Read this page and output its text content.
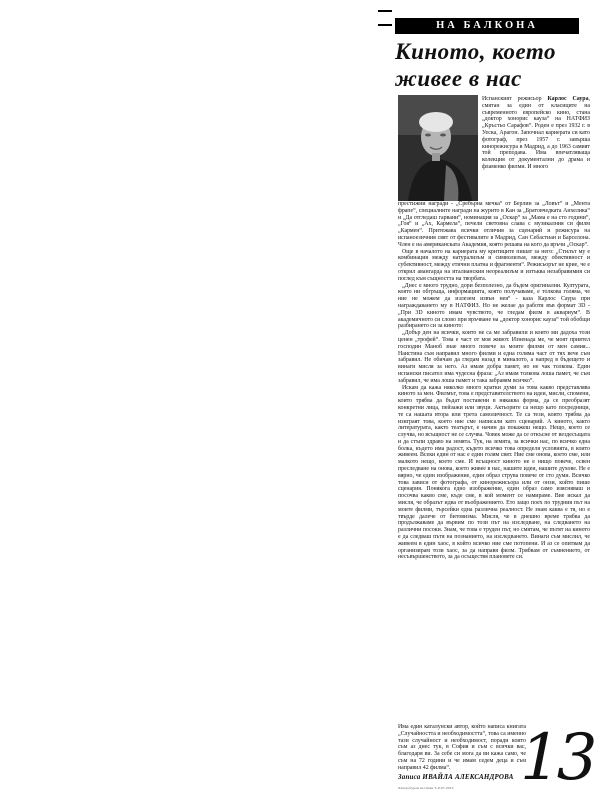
НА БАЛКОНА
Киното, което живее в нас
Испанският режисьор Карлос Саура, смятан за един от класиците на съвременното европейско кино, стана „доктор хонорис кауза“ на НАТФИЗ „Кръстьо Сарафов“. Роден е през 1932 г. в Уеска, Арагон. Започнал кариерата си като фотограф, през 1957 г. завърша кинорежисура в Мадрид, а до 1963 самият той преподава. Има впечатляваща колекция от документални до драма и фламенко филми. И много

престижни награди - „Сребърна мечка“ от Берлин за „Ловът“ и „Мента фрапе“, специалните награди на журито в Кан за „Братовчедката Анхелика“ и „Да отгледаш гарвани“, номинация за „Оскар“ за „Мама е на сто години“, „Гоя“ и „Ах, Кармела“, печели световна слава с музикалния си филм „Кармен“. Притежава всички отличия за сценарий и режисура на испаноезичния свят от фестивалите в Мадрид, Сан Себастиан и Барселона. Член е на американската Академия, която решава на кого да връчи „Оскар“.

Още в началото на кариерата му критиците пишат за него: „Стилът му е комбинация между натурализъм и символизъм, между обективност и субективност, между етични платна и фрагменти“. Режисьорът не крие, че е открил авангарда на италианския неореализъм и изтъква незабравимия си поглед към същността на творбата.

„Днес е много трудно, дори безполезно, да бъдем оригинални. Културата, която ни обгръща, информацията, която получаваме, е толкова голяма, че ние не можем да излезем извън нея“ - каза Карлос Саура при награждаването му в НАТФИЗ. Но не желае да работи във формат 3D - „При 3D киното имам чувството, че гледам филм в аквариум“. В академичното си слово при връчване на „доктор хонорис кауза“ той обобщи разбирането си за киното:

„Добър ден на всички, които не са ме забравили и които ми дадоха този ценен „трофей“. Това е част от моя живот. Изненада ме, че моят приятел господин Маноб знае много повече за моите филми от мен самия... Наистина съм направил много филми и една голяма част от тях вече съм забравил. Не обичам да гледам назад в миналото, а напред в бъдещето и винаги мисля за него. Аз имам добра памет, но не чак толкова. Един испански писател има чудесна фраза: „Аз имам толкова лоша памет, че съм забравил, че има лоша памет и така забравям всичко“.

Искам да кажа няколко много кратки думи за това какво представлява киното за мен. Филмът, това е представителството на идеи, мисли, спомени, които трябва да бъдат поставени в някаква форма, да се преобразят конкретни лица, пейзажи или звуци. Актьорите са нещо като посредници, те са нашата втора или трета самоличност. Те са тези, които трябва да изиграят това, което ние сме написали като сценарий. А киното, както литературата, както театърът, е начин да покажеш нещо. Нещо, което се случва, но всъщност не се случва. Човек може да се откъсне от вездесъщата и да стъпи здраво на земята. Тук, на земята, за всички нас, по всичко една болка, където има радост, където всичко това определя условията, в които живеем. Всеки един от нас е един голям свят. Ние сме онова, което сме, или малкото нещо, което сме. И всъщност киното не е нищо повече, освен преследване на онова, което живее в нас, нашите идеи, нашите духове. Не е вярно, че един изображение, един образ струва повече от сто думи. Всичко това зависи от фотографа, от кинорежисьора или от онзи, който пише сценария. Понякога едно изображение, един образ само изясняваш и посочва какво сме, къде сме, в кой момент се намираме. Вие искал да мисля, че образът идва от въображението. Ето защо поех по трудния път на моите филми, търсейки една различна реалност. Не знам каква е тя, но е твърде далече от битовизма. Мисля, че в днешно време трябва да продължаваме да вървим по този път на изследване, на следването на различни посоки. Знам, че това е труден път, но смятам, че пътят на киното е да следваш пътя на познанието, на изследването. Винаги съм мислил, че живеем в един хаос, в който всичко ние сме потопени. И аз се опитвам да организирам този хаос, за да направя филм. Трябвам от съмнението, от несъвършенството, за да осъществя плановете си.

Има един каталунски автор, който написа книгата „Случайността и необходимостта“, това са именно тази случайност и необходимост, поради които съм аз днес тук, в София и съм с всички вас, благодаря ви. За себе си мога да ви кажа само, че съм на 72 години и че имам седем деца и съм направил 42 филма“.	13
Записа ИВАЙЛА АЛЕКСАНДРОВА
Литературен вестник 3-9.07.2013
